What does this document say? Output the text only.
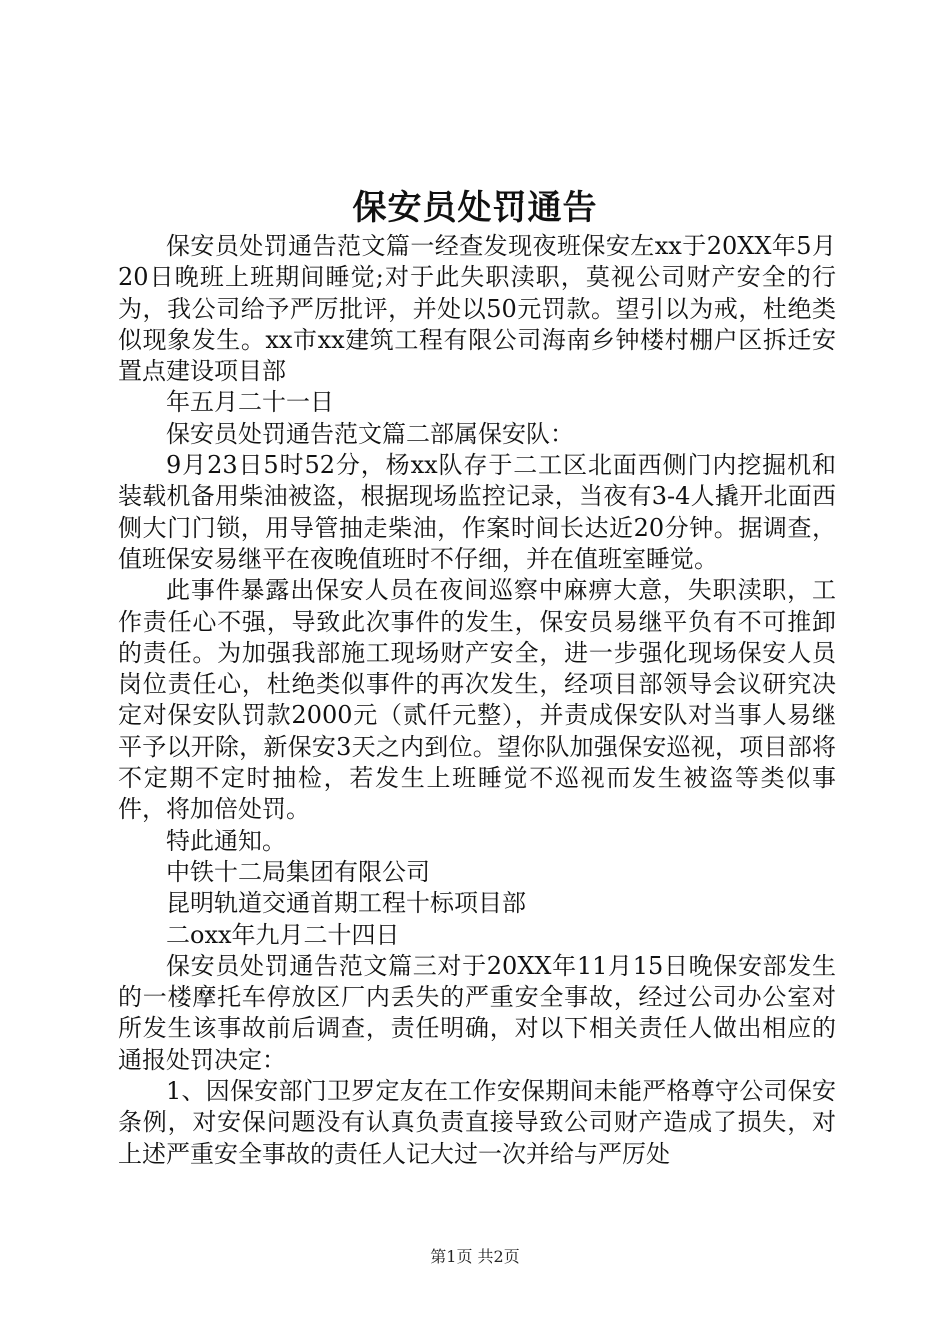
保安员处罚通告

保安员处罚通告范文篇一经查发现夜班保安左xx于20XX年5月20日晚班上班期间睡觉;对于此失职渎职，莫视公司财产安全的行为，我公司给予严厉批评，并处以50元罚款。望引以为戒，杜绝类似现象发生。xx市xx建筑工程有限公司海南乡钟楼村棚户区拆迁安置点建设项目部

年五月二十一日

保安员处罚通告范文篇二部属保安队：

9月23日5时52分，杨xx队存于二工区北面西侧门内挖掘机和装载机备用柴油被盗，根据现场监控记录，当夜有3-4人撬开北面西侧大门门锁，用导管抽走柴油，作案时间长达近20分钟。据调查，值班保安易继平在夜晚值班时不仔细，并在值班室睡觉。

此事件暴露出保安人员在夜间巡察中麻痹大意，失职渎职，工作责任心不强，导致此次事件的发生，保安员易继平负有不可推卸的责任。为加强我部施工现场财产安全，进一步强化现场保安人员岗位责任心，杜绝类似事件的再次发生，经项目部领导会议研究决定对保安队罚款2000元（贰仟元整），并责成保安队对当事人易继平予以开除，新保安3天之内到位。望你队加强保安巡视，项目部将不定期不定时抽检，若发生上班睡觉不巡视而发生被盗等类似事件，将加倍处罚。

特此通知。

中铁十二局集团有限公司

昆明轨道交通首期工程十标项目部

二oxx年九月二十四日

保安员处罚通告范文篇三对于20XX年11月15日晚保安部发生的一楼摩托车停放区厂内丢失的严重安全事故，经过公司办公室对所发生该事故前后调查，责任明确，对以下相关责任人做出相应的通报处罚决定：

1、因保安部门卫罗定友在工作安保期间未能严格尊守公司保安条例，对安保问题没有认真负责直接导致公司财产造成了损失，对上述严重安全事故的责任人记大过一次并给与严厉处

第1页 共2页
